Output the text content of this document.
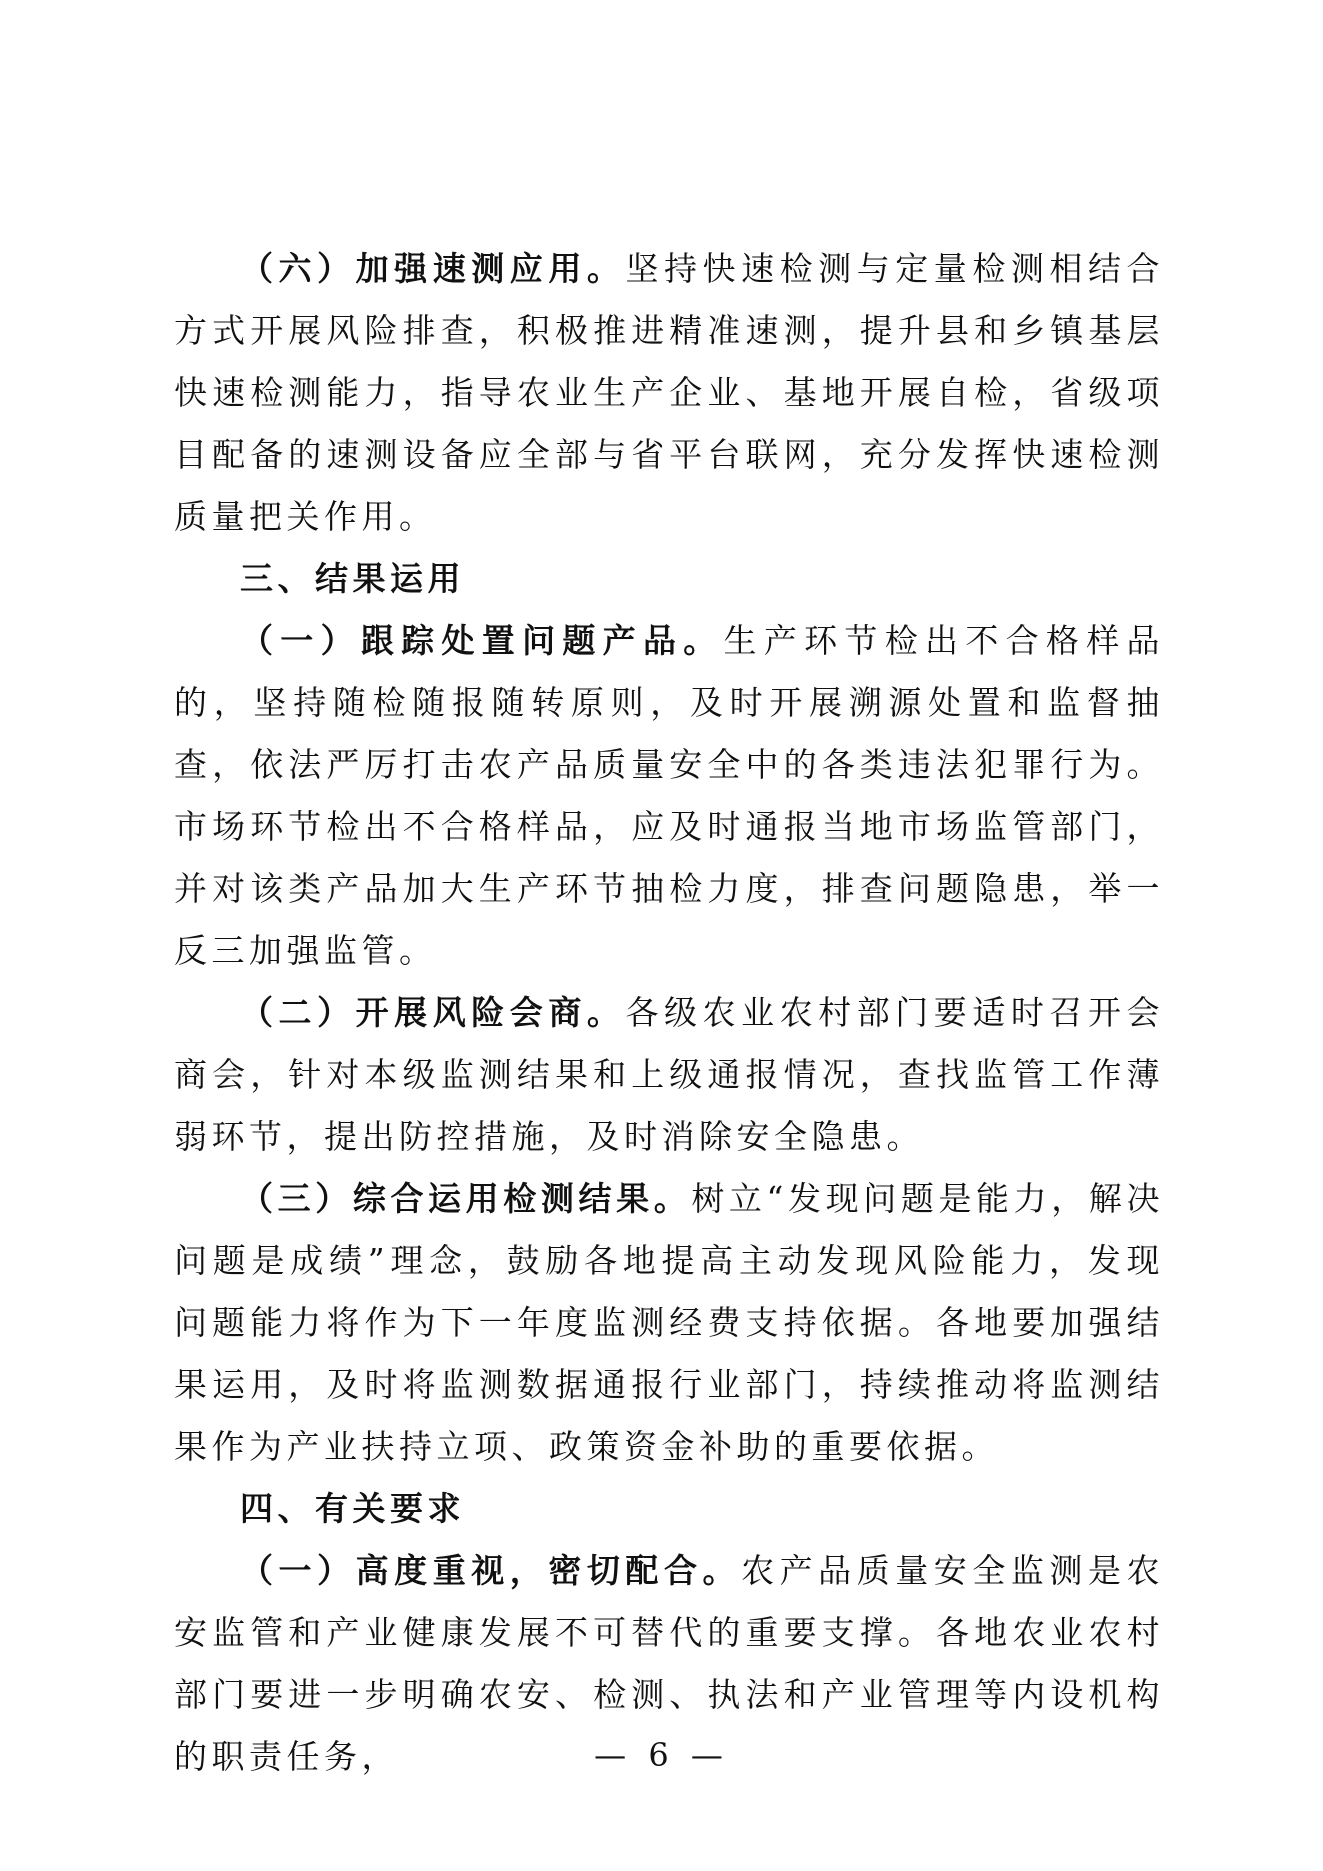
（六）加强速测应用。坚持快速检测与定量检测相结合方式开展风险排查，积极推进精准速测，提升县和乡镇基层快速检测能力，指导农业生产企业、基地开展自检，省级项目配备的速测设备应全部与省平台联网，充分发挥快速检测质量把关作用。

三、结果运用

（一）跟踪处置问题产品。生产环节检出不合格样品的，坚持随检随报随转原则，及时开展溯源处置和监督抽查，依法严厉打击农产品质量安全中的各类违法犯罪行为。市场环节检出不合格样品，应及时通报当地市场监管部门，并对该类产品加大生产环节抽检力度，排查问题隐患，举一反三加强监管。

（二）开展风险会商。各级农业农村部门要适时召开会商会，针对本级监测结果和上级通报情况，查找监管工作薄弱环节，提出防控措施，及时消除安全隐患。

（三）综合运用检测结果。树立“发现问题是能力，解决问题是成绩”理念，鼓励各地提高主动发现风险能力，发现问题能力将作为下一年度监测经费支持依据。各地要加强结果运用，及时将监测数据通报行业部门，持续推动将监测结果作为产业扶持立项、政策资金补助的重要依据。

四、有关要求

（一）高度重视，密切配合。农产品质量安全监测是农安监管和产业健康发展不可替代的重要支撑。各地农业农村部门要进一步明确农安、检测、执法和产业管理等内设机构的职责任务，	— 6 —
